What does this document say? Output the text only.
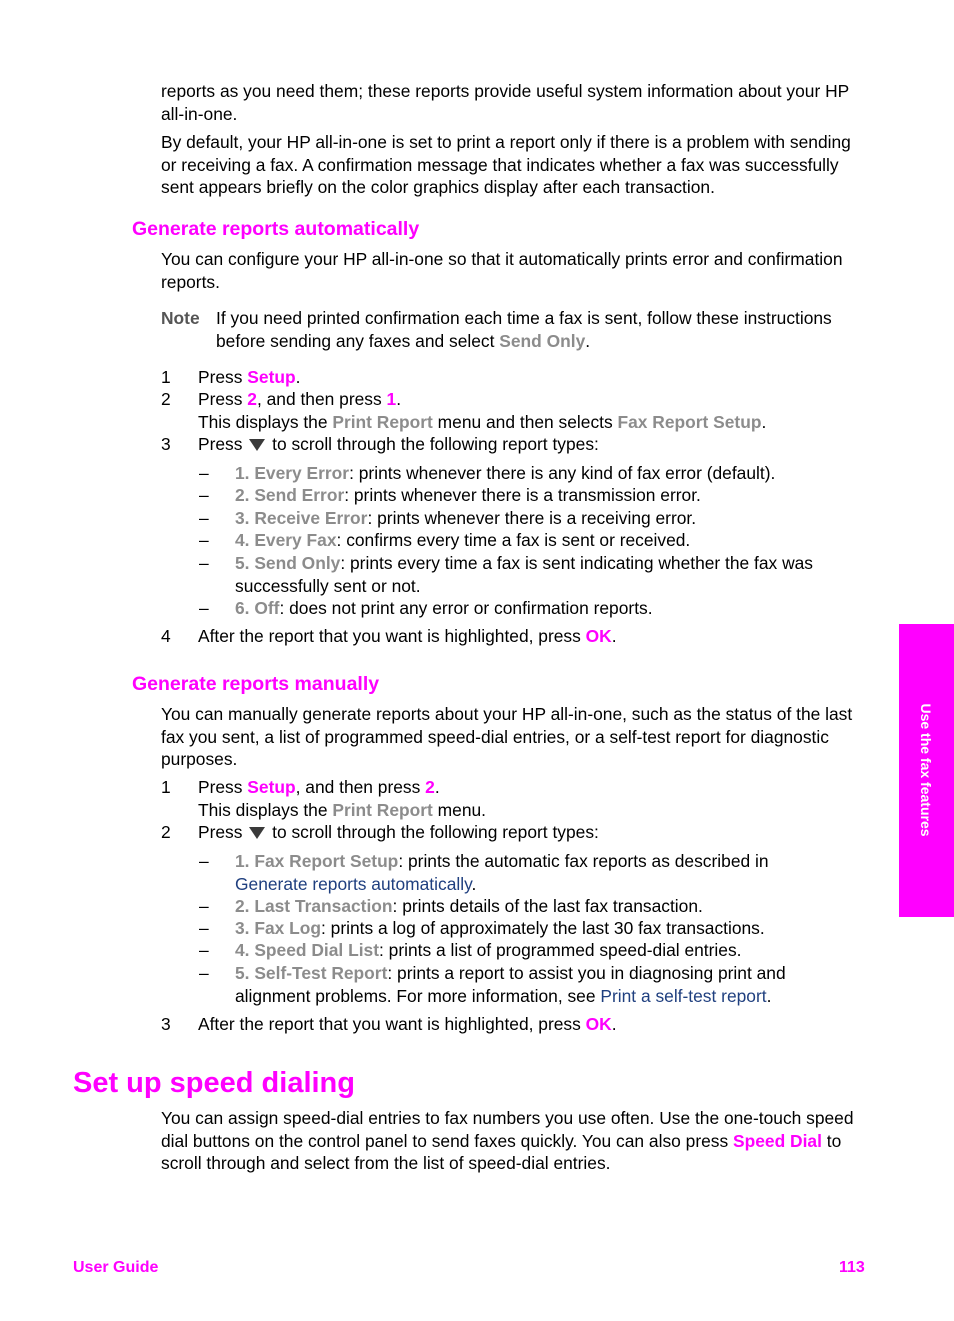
reports as you need them; these reports provide useful system information about your HP all-in-one.

By default, your HP all-in-one is set to print a report only if there is a problem with sending or receiving a fax. A confirmation message that indicates whether a fax was successfully sent appears briefly on the color graphics display after each transaction.

Generate reports automatically

You can configure your HP all-in-one so that it automatically prints error and confirmation reports.

Note If you need printed confirmation each time a fax is sent, follow these instructions before sending any faxes and select Send Only.

1 Press Setup.

2 Press 2, and then press 1.
This displays the Print Report menu and then selects Fax Report Setup.

3 Press  to scroll through the following report types:

– 1. Every Error: prints whenever there is any kind of fax error (default).

– 2. Send Error: prints whenever there is a transmission error.

– 3. Receive Error: prints whenever there is a receiving error.

– 4. Every Fax: confirms every time a fax is sent or received.

– 5. Send Only: prints every time a fax is sent indicating whether the fax was successfully sent or not.

– 6. Off: does not print any error or confirmation reports.

4 After the report that you want is highlighted, press OK.

Generate reports manually

You can manually generate reports about your HP all-in-one, such as the status of the last fax you sent, a list of programmed speed-dial entries, or a self-test report for diagnostic purposes.

1 Press Setup, and then press 2.
This displays the Print Report menu.

2 Press  to scroll through the following report types:

– 1. Fax Report Setup: prints the automatic fax reports as described in
Generate reports automatically.

– 2. Last Transaction: prints details of the last fax transaction.

– 3. Fax Log: prints a log of approximately the last 30 fax transactions.

– 4. Speed Dial List: prints a list of programmed speed-dial entries.

– 5. Self-Test Report: prints a report to assist you in diagnosing print and alignment problems. For more information, see Print a self-test report.

3 After the report that you want is highlighted, press OK.

Set up speed dialing

You can assign speed-dial entries to fax numbers you use often. Use the one-touch speed dial buttons on the control panel to send faxes quickly. You can also press Speed Dial to scroll through and select from the list of speed-dial entries.

Use the fax features
User Guide	113
